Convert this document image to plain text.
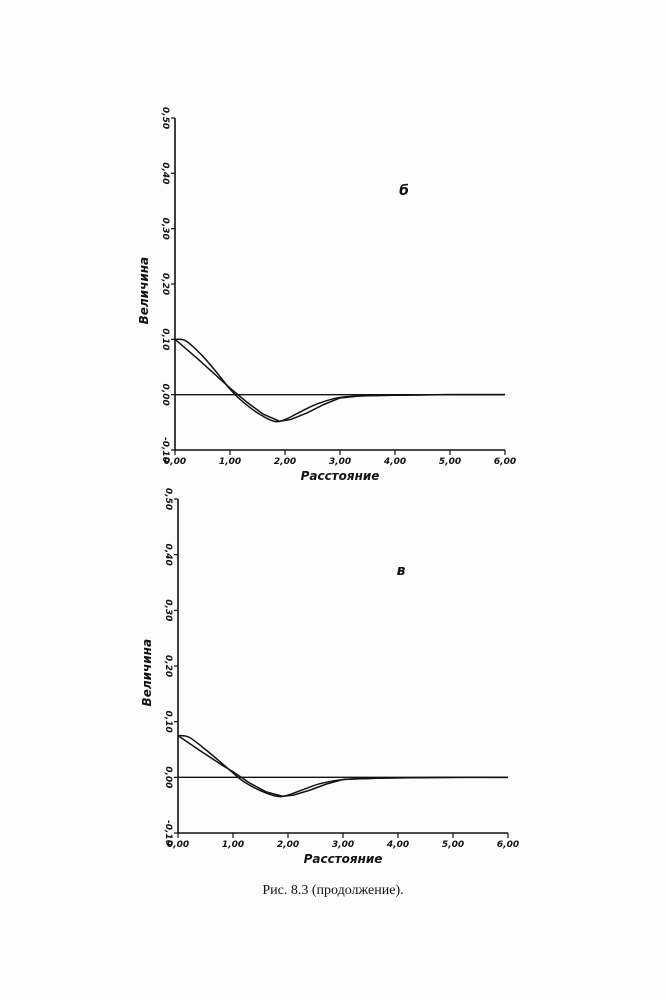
0,00	1,00	2,00	3,00	4,00	5,00	6,00
-0,10
0,00
0,10
0,20
0,30
0,40
0,50
Расстояние
Величина
б
0,00	1,00	2,00	3,00	4,00	5,00	6,00
-0,10
0,00
0,10
0,20
0,30
0,40
0,50
Расстояние
Величина
в
Рис. 8.3 (продолжение).
